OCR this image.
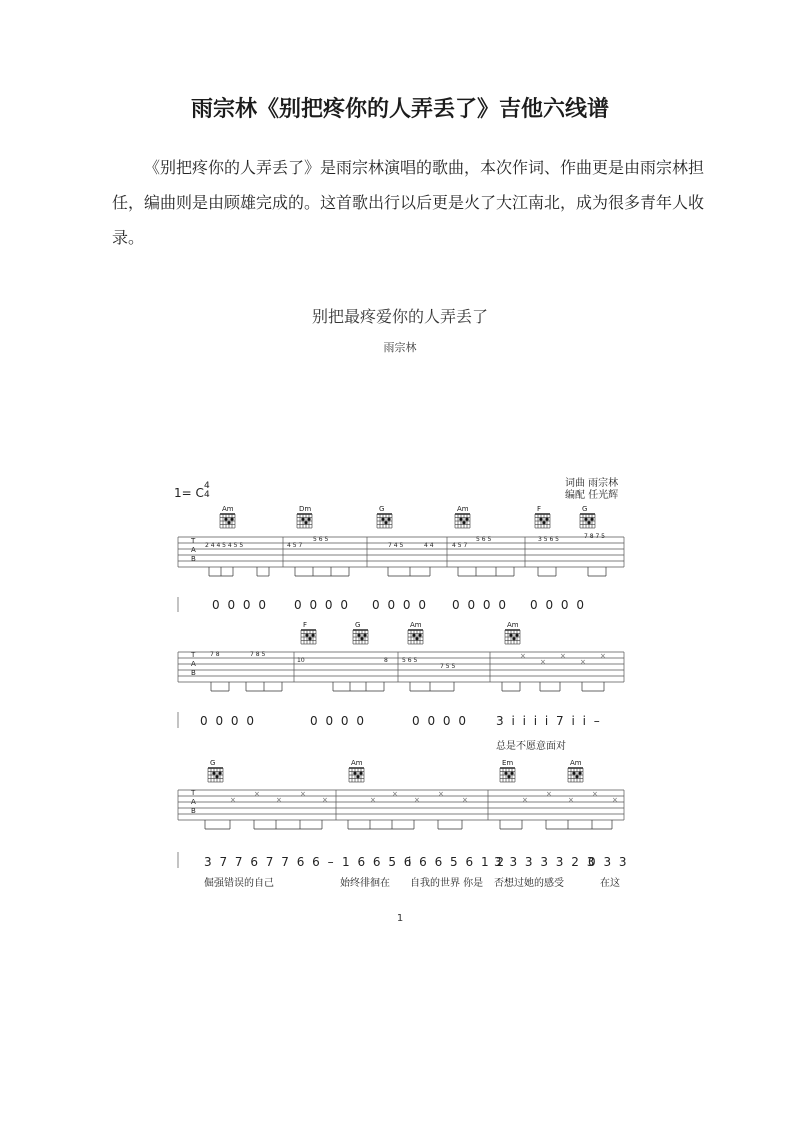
雨宗林《别把疼你的人弄丢了》吉他六线谱

《别把疼你的人弄丢了》是雨宗林演唱的歌曲，本次作词、作曲更是由雨宗林担任，编曲则是由顾雄完成的。这首歌出行以后更是火了大江南北，成为很多青年人收录。

别把最疼爱你的人弄丢了
雨宗林
1= C 4
4
词曲 雨宗林
编配 任光辉
T
A
B
T
A
B
T
A
B
2 4 4 5 4 5 5	4 5 7
5 6 5
7 4 5	4 4	4 5 7
5 6 5	3 5 6 5	7 8 7 5
7 8	7 8 5
10	8 5 6 5
7 5 5
Am	Dm	G	Am	F	G
F	G	Am	Am
G	Am	Em	Am
×
×
×
×
×
×
×
×
×
×	×
×
×
×
×	×
×
×
×
×
0 0 0 0 0 0 0 0 0 0 0 0 0 0 0 0 0 0 0 0
0 0 0 0	0 0 0 0	0 0 0 0 3 i i i i 7 i i –
总是不愿意面对
3 7 7 6 7 7 6 6 – 1 6 6 5 6
i 6 6 5 6 1 2
3 3 3 3 3 2 3
0 3 3
倔强错误的自己	始终徘徊在 自我的世界 你是 否想过她的感受	在这
1
